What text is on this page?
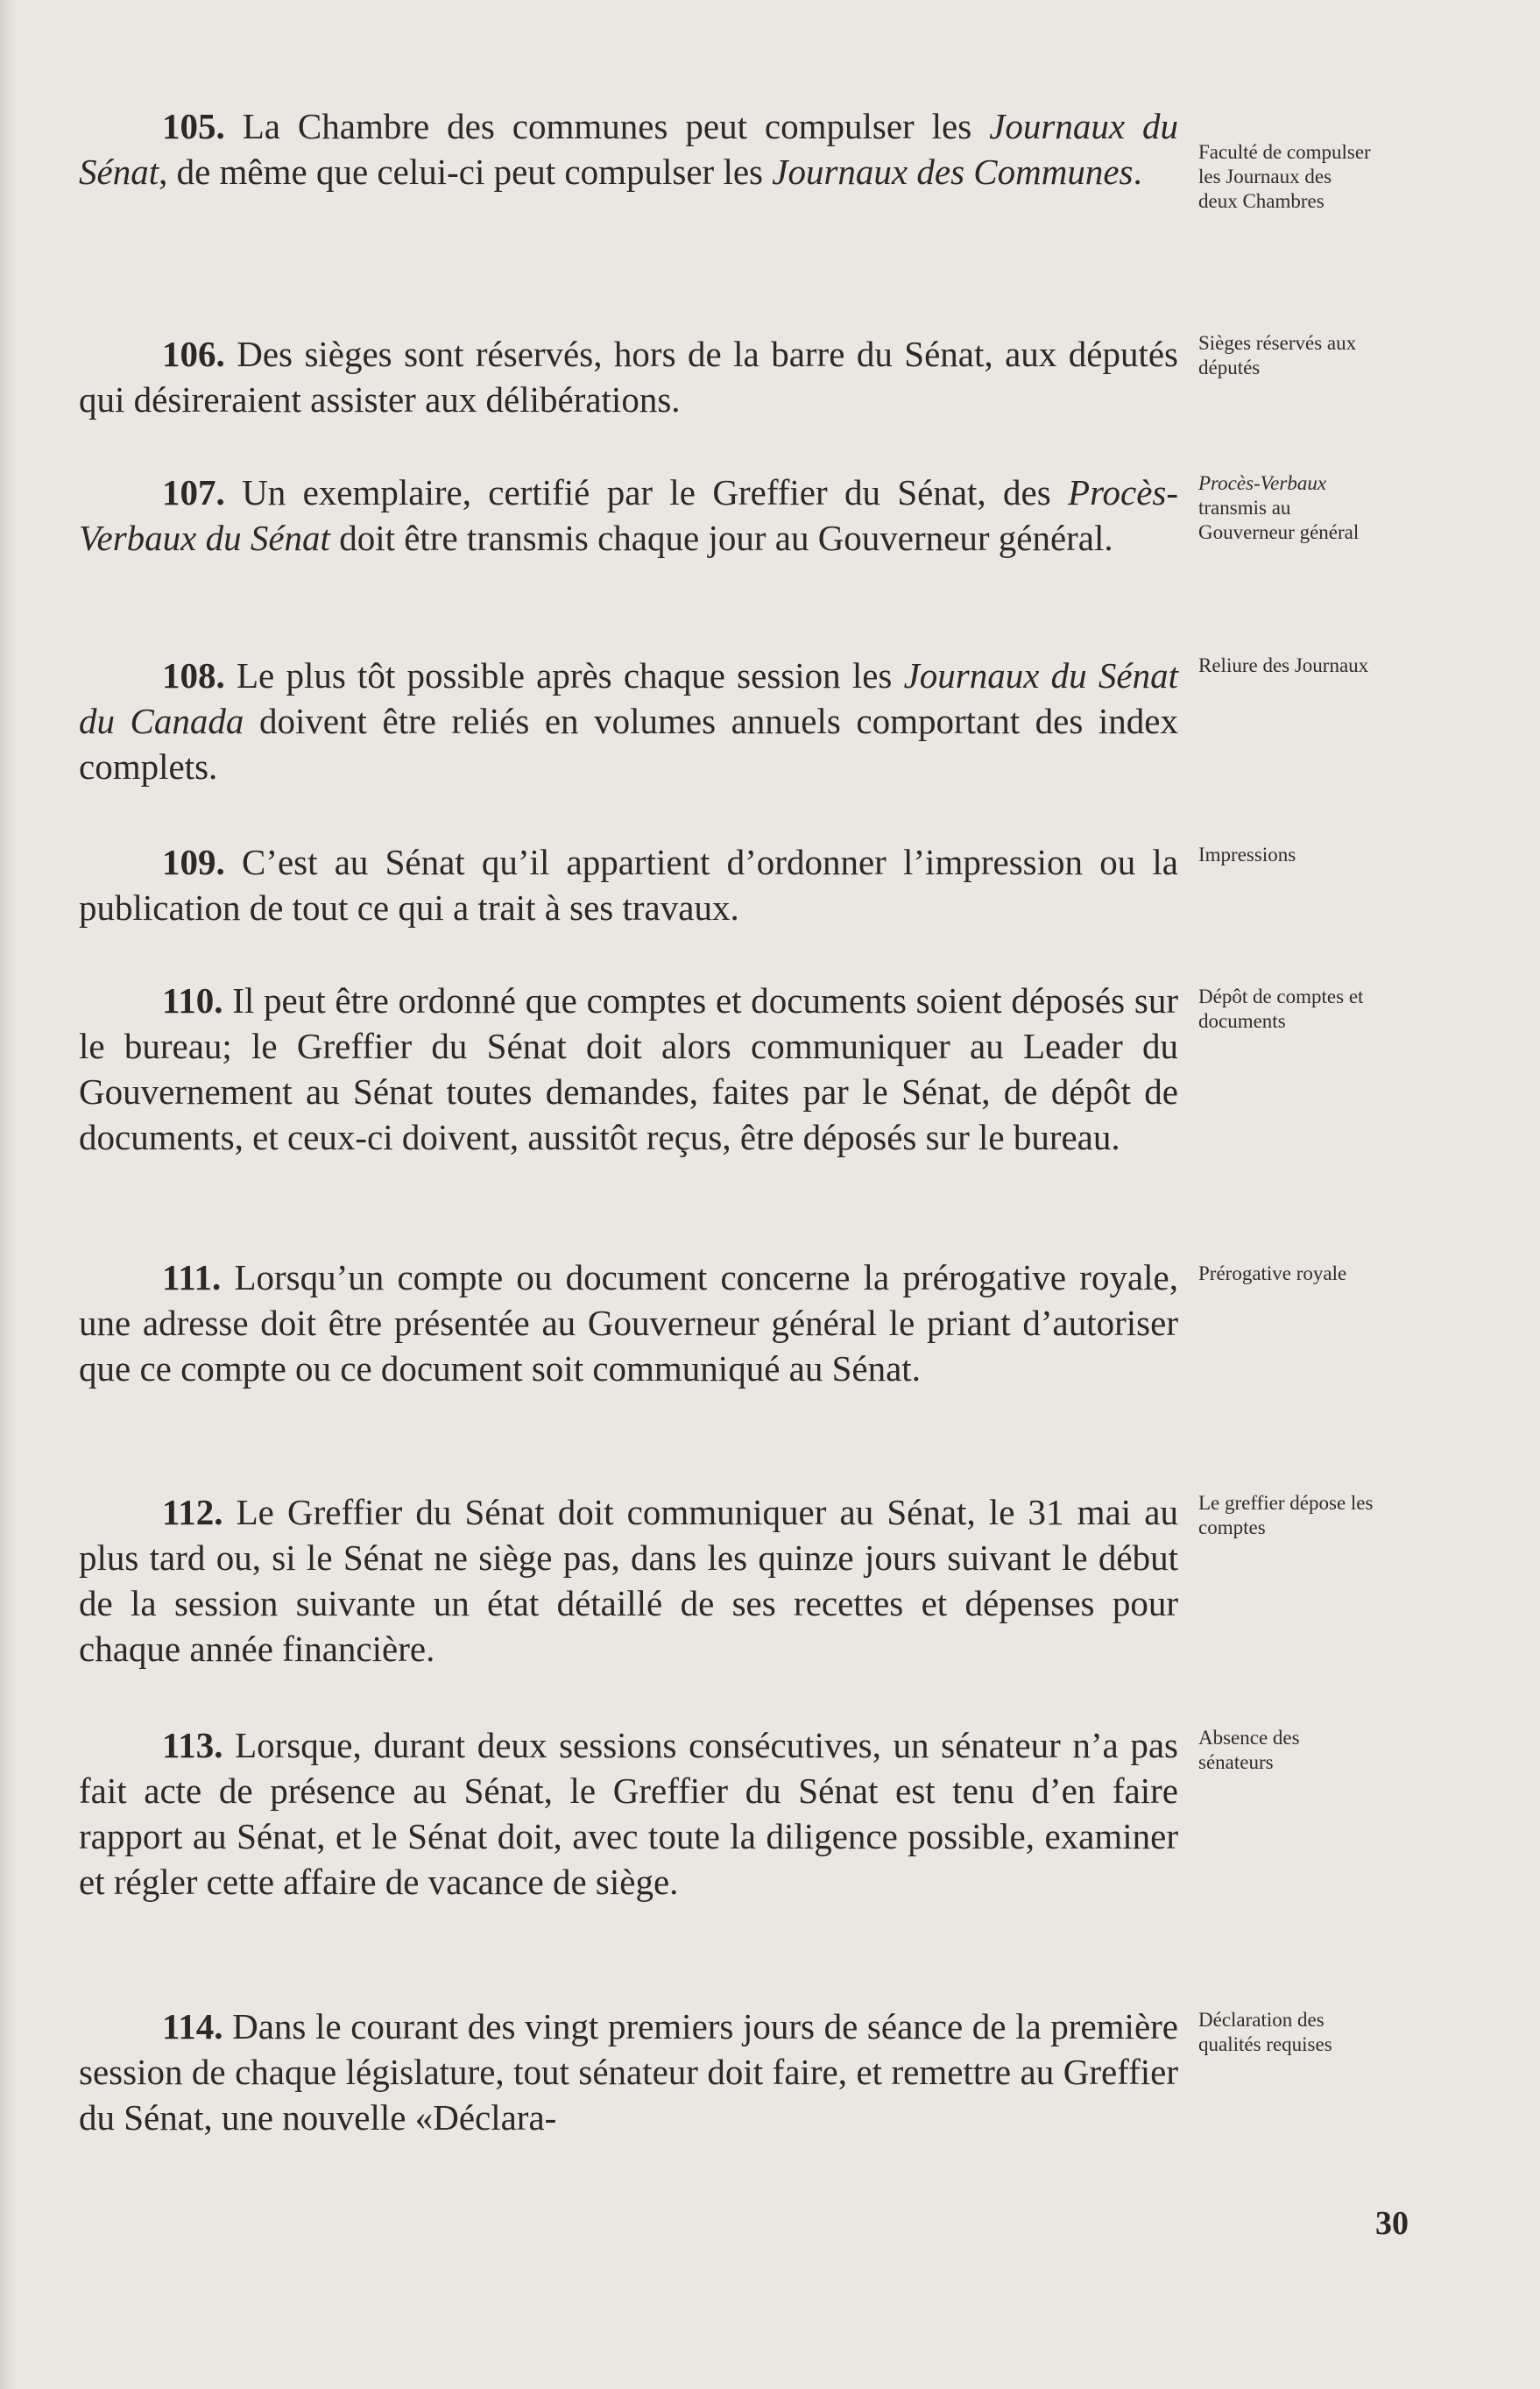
105. La Chambre des communes peut compulser les Journaux du Sénat, de même que celui-ci peut compulser les Journaux des Communes.	Faculté de compulser les Journaux des deux Chambres

106. Des sièges sont réservés, hors de la barre du Sénat, aux députés qui désireraient assister aux délibérations.

Sièges réservés aux députés

107. Un exemplaire, certifié par le Greffier du Sénat, des Procès-Verbaux du Sénat doit être transmis chaque jour au Gouverneur général.

Procès-Verbaux transmis au Gouverneur général

108. Le plus tôt possible après chaque session les Journaux du Sénat du Canada doivent être reliés en volumes annuels comportant des index complets.

Reliure des Journaux

109. C’est au Sénat qu’il appartient d’ordonner l’impression ou la publication de tout ce qui a trait à ses travaux.

Impressions

110. Il peut être ordonné que comptes et documents soient déposés sur le bureau; le Greffier du Sénat doit alors communiquer au Leader du Gouvernement au Sénat toutes demandes, faites par le Sénat, de dépôt de documents, et ceux-ci doivent, aussitôt reçus, être déposés sur le bureau.

Dépôt de comptes et documents

111. Lorsqu’un compte ou document concerne la prérogative royale, une adresse doit être présentée au Gouverneur général le priant d’autoriser que ce compte ou ce document soit communiqué au Sénat.

Prérogative royale

112. Le Greffier du Sénat doit communiquer au Sénat, le 31 mai au plus tard ou, si le Sénat ne siège pas, dans les quinze jours suivant le début de la session suivante un état détaillé de ses recettes et dépenses pour chaque année financière.

Le greffier dépose les comptes

113. Lorsque, durant deux sessions consécutives, un sénateur n’a pas fait acte de présence au Sénat, le Greffier du Sénat est tenu d’en faire rapport au Sénat, et le Sénat doit, avec toute la diligence possible, examiner et régler cette affaire de vacance de siège.

Absence des sénateurs

114. Dans le courant des vingt premiers jours de séance de la première session de chaque législature, tout sénateur doit faire, et remettre au Greffier du Sénat, une nouvelle «Déclara-

Déclaration des qualités requises
30
